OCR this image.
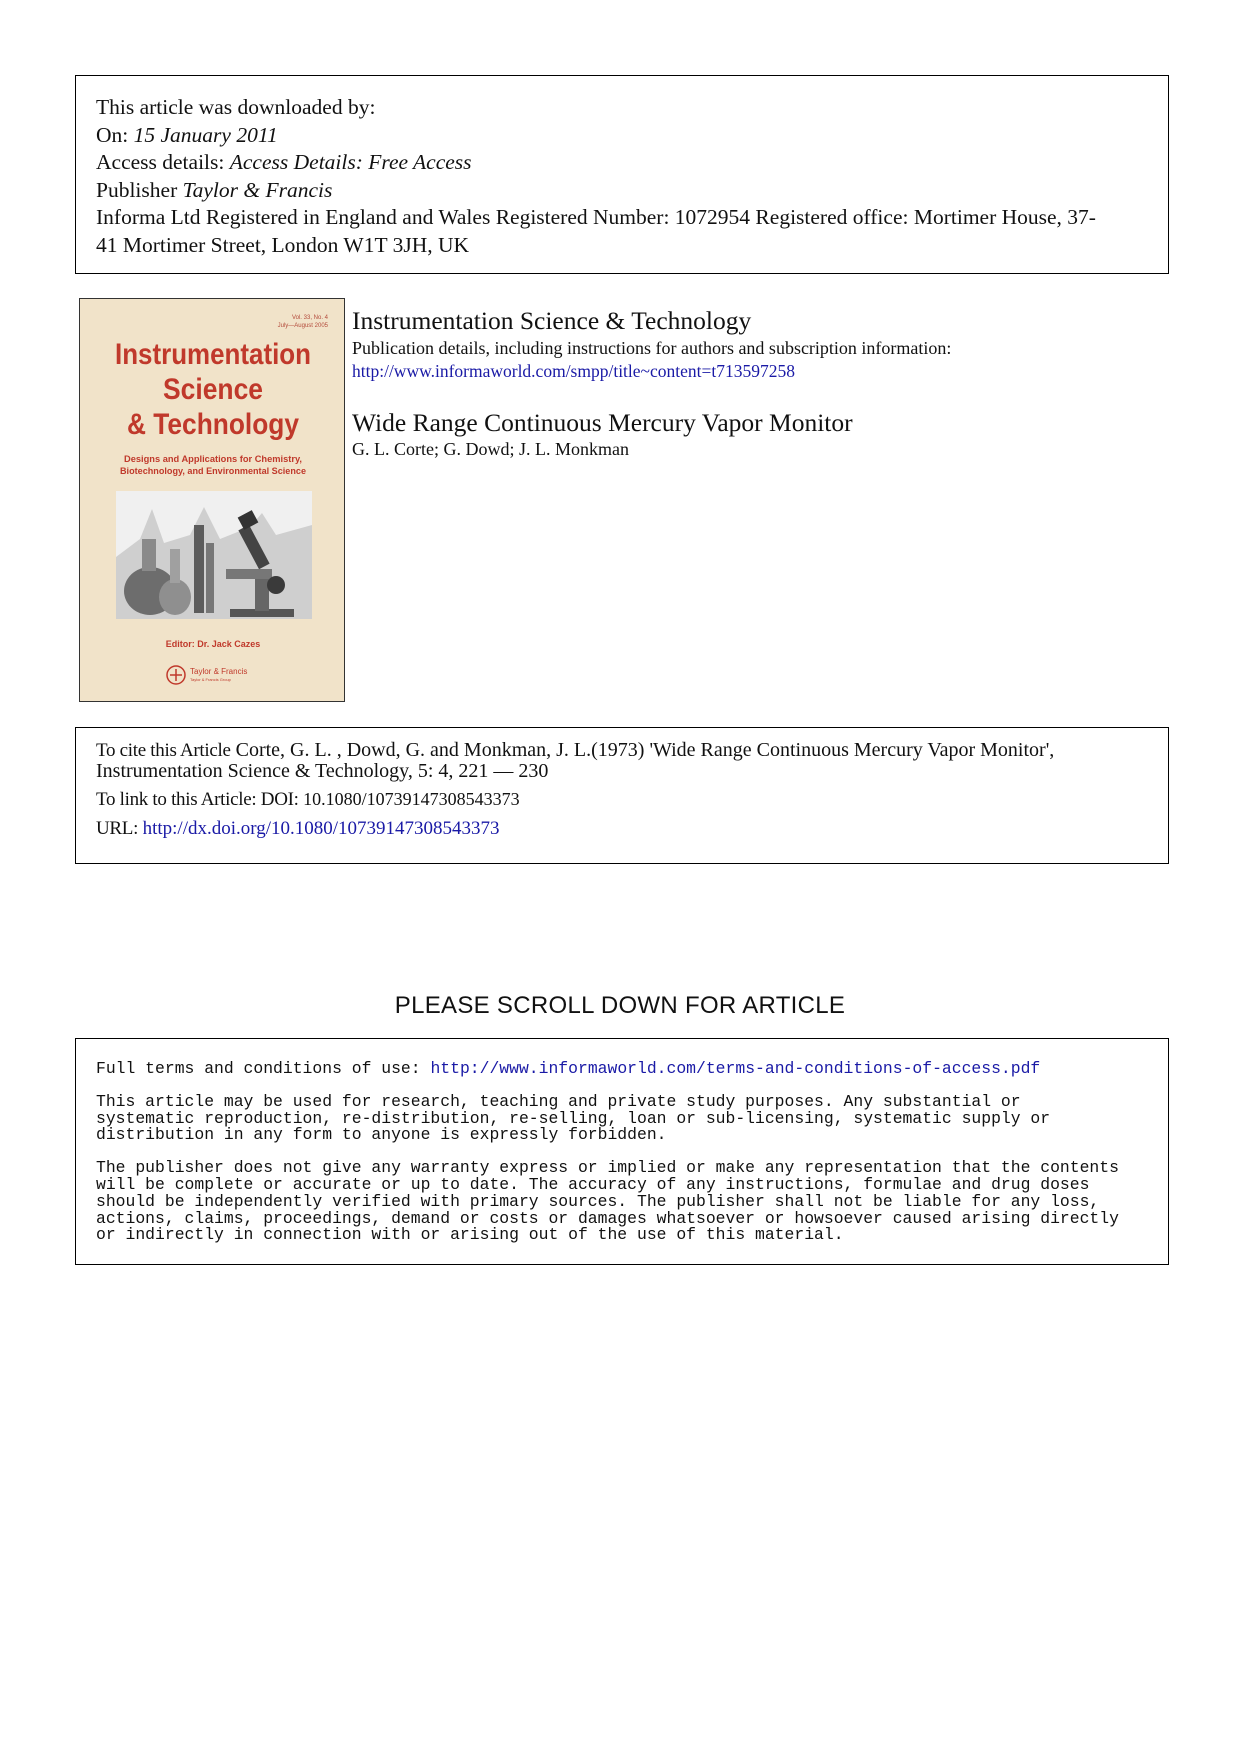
This article was downloaded by:
On: 15 January 2011
Access details: Access Details: Free Access
Publisher Taylor & Francis
Informa Ltd Registered in England and Wales Registered Number: 1072954 Registered office: Mortimer House, 37-
41 Mortimer Street, London W1T 3JH, UK
Vol. 33, No. 4
July—August 2005
Instrumentation
Science
& Technology
Designs and Applications for Chemistry,
Biotechnology, and Environmental Science
Editor: Dr. Jack Cazes
Taylor & Francis
Taylor & Francis Group
Instrumentation Science & Technology
Publication details, including instructions for authors and subscription information:
http://www.informaworld.com/smpp/title~content=t713597258
Wide Range Continuous Mercury Vapor Monitor
G. L. Corte; G. Dowd; J. L. Monkman
To cite this Article Corte, G. L. , Dowd, G. and Monkman, J. L.(1973) 'Wide Range Continuous Mercury Vapor Monitor',
Instrumentation Science & Technology, 5: 4, 221 — 230
To link to this Article: DOI: 10.1080/10739147308543373
URL: http://dx.doi.org/10.1080/10739147308543373
PLEASE SCROLL DOWN FOR ARTICLE

Full terms and conditions of use: http://www.informaworld.com/terms-and-conditions-of-access.pdf

This article may be used for research, teaching and private study purposes. Any substantial or
systematic reproduction, re-distribution, re-selling, loan or sub-licensing, systematic supply or
distribution in any form to anyone is expressly forbidden.

The publisher does not give any warranty express or implied or make any representation that the contents
will be complete or accurate or up to date. The accuracy of any instructions, formulae and drug doses
should be independently verified with primary sources. The publisher shall not be liable for any loss,
actions, claims, proceedings, demand or costs or damages whatsoever or howsoever caused arising directly
or indirectly in connection with or arising out of the use of this material.
